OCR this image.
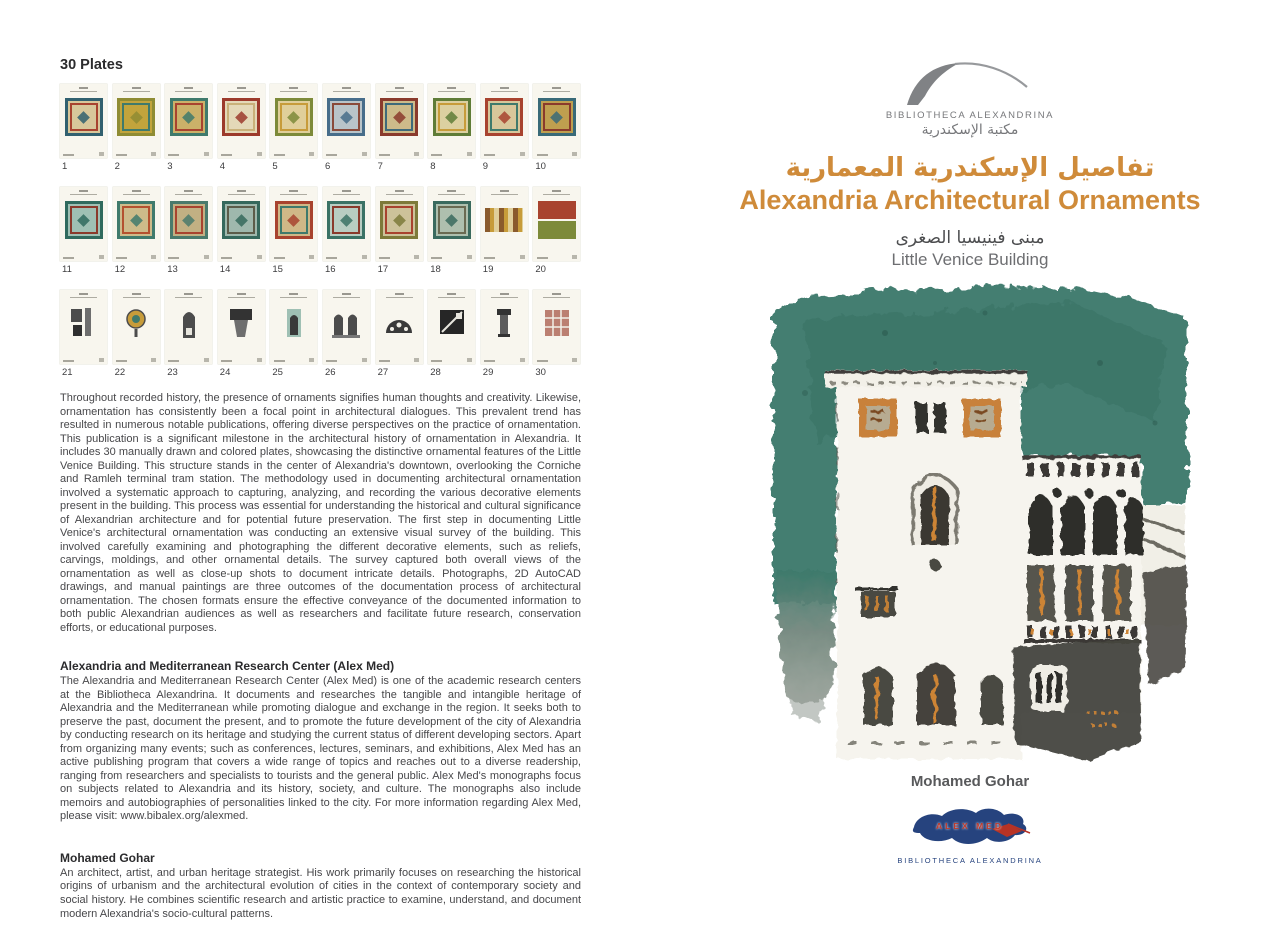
30 Plates
1	2	3	4	5	6	7	8	9	10
11	12	13	14	15	16	17	18	19	20
21	22	23	24	25	26	27	28	29	30

Throughout recorded history, the presence of ornaments signifies human thoughts and creativity. Likewise, ornamentation has consistently been a focal point in architectural dialogues. This prevalent trend has resulted in numerous notable publications, offering diverse perspectives on the practice of ornamentation. This publication is a significant milestone in the architectural history of ornamentation in Alexandria. It includes 30 manually drawn and colored plates, showcasing the distinctive ornamental features of the Little Venice Building. This structure stands in the center of Alexandria's downtown, overlooking the Corniche and Ramleh terminal tram station. The methodology used in documenting architectural ornamentation involved a systematic approach to capturing, analyzing, and recording the various decorative elements present in the building. This process was essential for understanding the historical and cultural significance of Alexandrian architecture and for potential future preservation. The first step in documenting Little Venice's architectural ornamentation was conducting an extensive visual survey of the building. This involved carefully examining and photographing the different decorative elements, such as reliefs, carvings, moldings, and other ornamental details. The survey captured both overall views of the ornamentation as well as close-up shots to document intricate details. Photographs, 2D AutoCAD drawings, and manual paintings are three outcomes of the documentation process of architectural ornamentation. The chosen formats ensure the effective conveyance of the documented information to both public Alexandrian audiences as well as researchers and facilitate future research, conservation efforts, or educational purposes.

Alexandria and Mediterranean Research Center (Alex Med)

The Alexandria and Mediterranean Research Center (Alex Med) is one of the academic research centers at the Bibliotheca Alexandrina. It documents and researches the tangible and intangible heritage of Alexandria and the Mediterranean while promoting dialogue and exchange in the region. It seeks both to preserve the past, document the present, and to promote the future development of the city of Alexandria by conducting research on its heritage and studying the current status of different developing sectors. Apart from organizing many events; such as conferences, lectures, seminars, and exhibitions, Alex Med has an active publishing program that covers a wide range of topics and reaches out to a diverse readership, ranging from researchers and specialists to tourists and the general public. Alex Med's monographs focus on subjects related to Alexandria and its history, society, and culture. The monographs also include memoirs and autobiographies of personalities linked to the city. For more information regarding Alex Med, please visit: www.bibalex.org/alexmed.

Mohamed Gohar

An architect, artist, and urban heritage strategist. His work primarily focuses on researching the historical origins of urbanism and the architectural evolution of cities in the context of contemporary society and social history. He combines scientific research and artistic practice to examine, understand, and document modern Alexandria's socio-cultural patterns.

BIBLIOTHECA ALEXANDRINA
مكتبة الإسكندرية
تفاصيل الإسكندرية المعمارية
Alexandria Architectural Ornaments
مبنى فينيسيا الصغرى
Little Venice Building
Mohamed Gohar
ALEX MED
BIBLIOTHECA ALEXANDRINA
